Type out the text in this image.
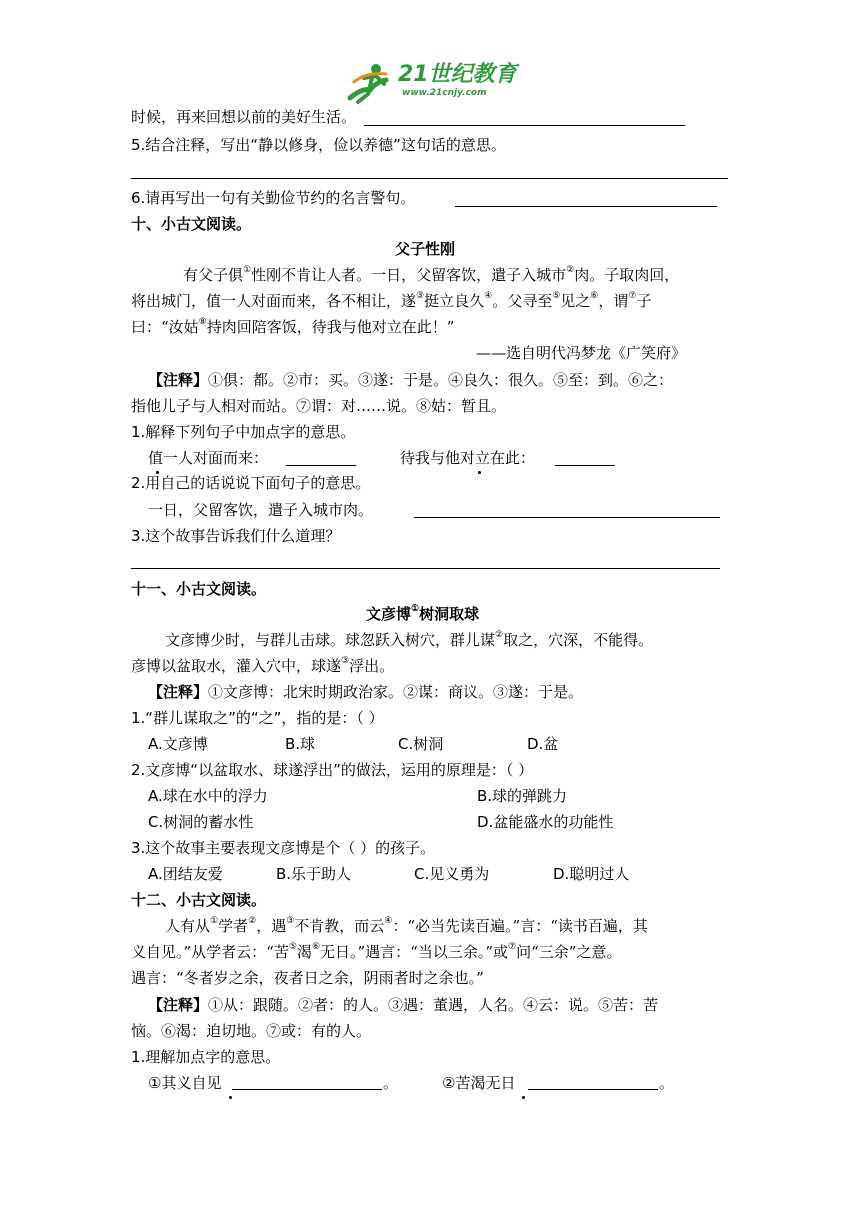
21世纪教育
www.21cnjy.com
时候，再来回想以前的美好生活。
5.结合注释，写出“静以修身，俭以养德”这句话的意思。
6.请再写出一句有关勤俭节约的名言警句。
十、小古文阅读。
父子性刚
有父子俱①性刚不肯让人者。一日，父留客饮，遣子入城市②肉。子取肉回，
将出城门，值一人对面而来，各不相让，遂③挺立良久④。父寻至⑤见之⑥，谓⑦子
曰：“汝姑⑧持肉回陪客饭，待我与他对立在此！”
——选自明代冯梦龙《广笑府》
【注释】①俱：都。②市：买。③遂：于是。④良久：很久。⑤至：到。⑥之：
指他儿子与人相对而站。⑦谓：对……说。⑧姑：暂且。
1.解释下列句子中加点字的意思。
值一人对面而来：	待我与他对立在此：
2.用自己的话说说下面句子的意思。
一日，父留客饮，遣子入城市肉。
3.这个故事告诉我们什么道理？
十一、小古文阅读。
文彦博①树洞取球
文彦博少时，与群儿击球。球忽跃入树穴，群儿谋②取之，穴深，不能得。
彦博以盆取水，灌入穴中，球遂③浮出。
【注释】①文彦博：北宋时期政治家。②谋：商议。③遂：于是。
1.“群儿谋取之”的“之”，指的是：（ ）
A.文彦博	B.球	C.树洞	D.盆
2.文彦博“以盆取水、球遂浮出”的做法，运用的原理是：（ ）
A.球在水中的浮力	B.球的弹跳力
C.树洞的蓄水性	D.盆能盛水的功能性
3.这个故事主要表现文彦博是个（ ）的孩子。
A.团结友爱	B.乐于助人	C.见义勇为	D.聪明过人
十二、小古文阅读。
人有从①学者②，遇③不肯教，而云④：“必当先读百遍。”言：“读书百遍，其
义自见。”从学者云：“苦⑤渴⑥无日。”遇言：“当以三余。”或⑦问“三余”之意。
遇言：“冬者岁之余，夜者日之余，阴雨者时之余也。”
【注释】①从：跟随。②者：的人。③遇：董遇，人名。④云：说。⑤苦：苦
恼。⑥渴：迫切地。⑦或：有的人。
1.理解加点字的意思。
①其义自见	。	②苦渴无日	。
